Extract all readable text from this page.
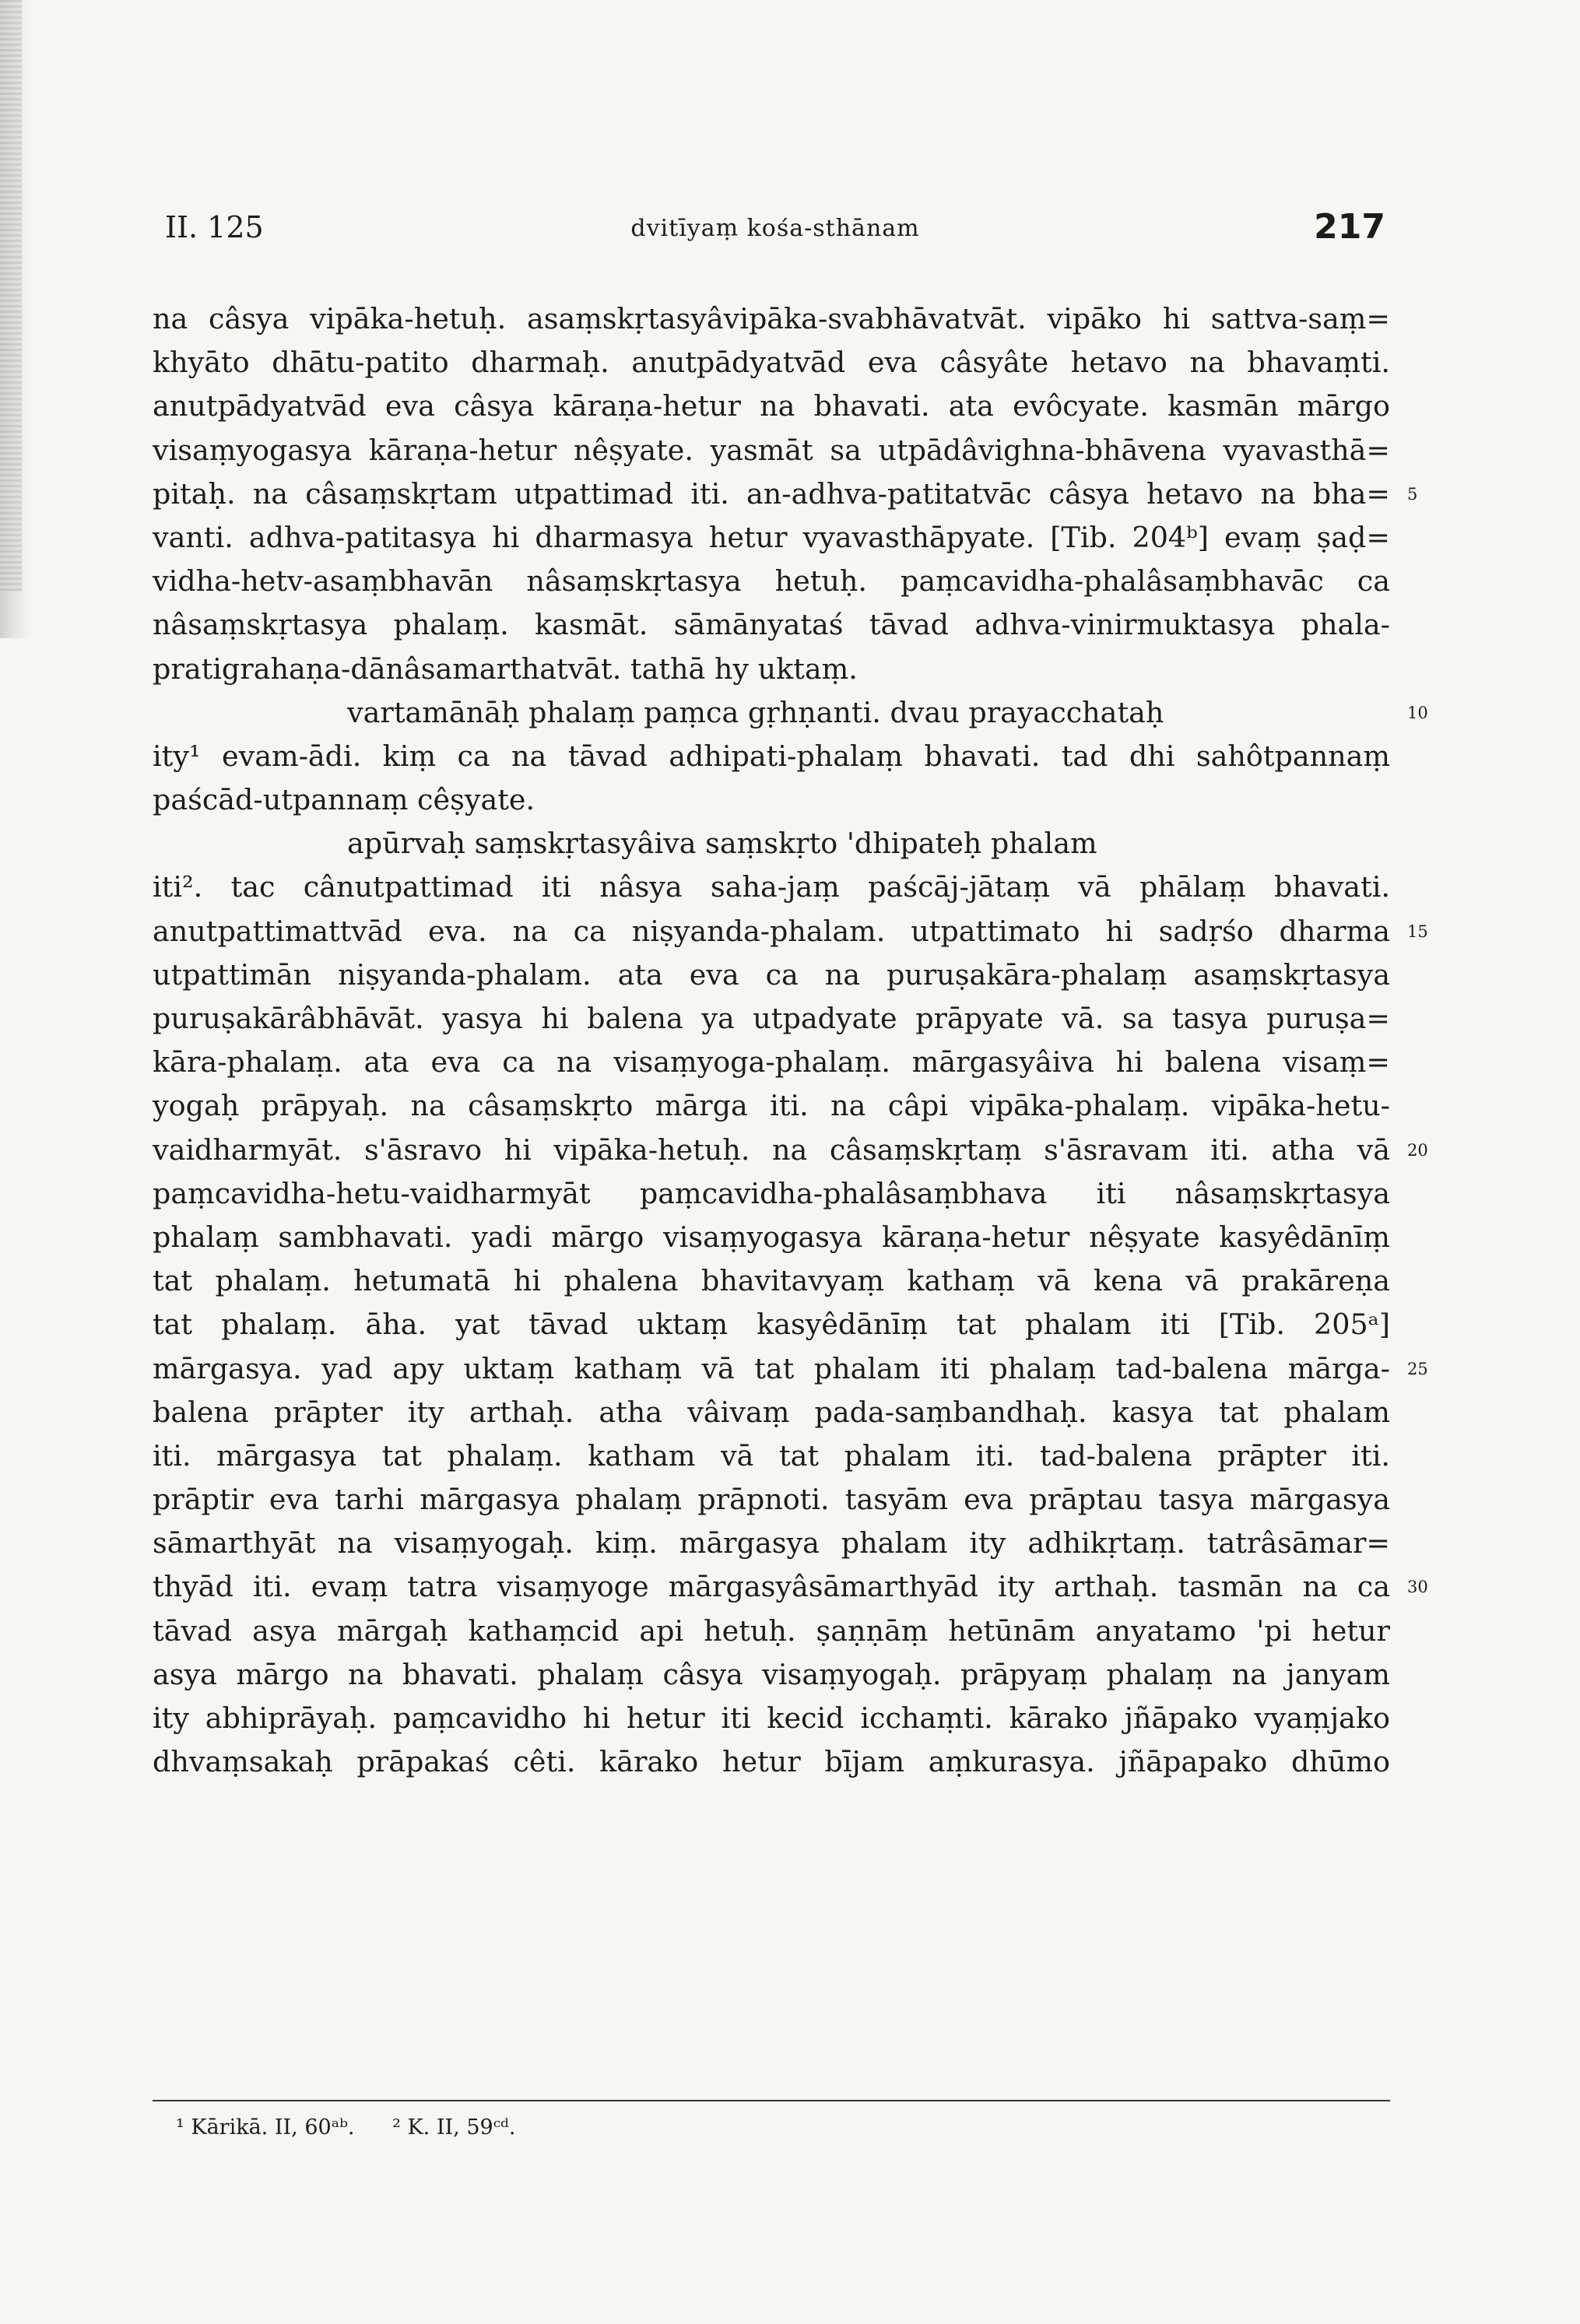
II. 125	dvitīyaṃ kośa-sthānam	217
na câsya vipāka-hetuḥ. asaṃskṛtasyâvipāka-svabhāvatvāt. vipāko hi sattva-saṃ=
khyāto dhātu-patito dharmaḥ. anutpādyatvād eva câsyâte hetavo na bhavaṃti.
anutpādyatvād eva câsya kāraṇa-hetur na bhavati. ata evôcyate. kasmān mārgo
visaṃyogasya kāraṇa-hetur nêṣyate. yasmāt sa utpādâvighna-bhāvena vyavasthā=
pitaḥ. na câsaṃskṛtam utpattimad iti. an-adhva-patitatvāc câsya hetavo na bha= 5
vanti. adhva-patitasya hi dharmasya hetur vyavasthāpyate. [Tib. 204ᵇ] evaṃ ṣaḍ=
vidha-hetv-asaṃbhavān nâsaṃskṛtasya hetuḥ. paṃcavidha-phalâsaṃbhavāc ca
nâsaṃskṛtasya phalaṃ. kasmāt. sāmānyataś tāvad adhva-vinirmuktasya phala-
pratigrahaṇa-dānâsamarthatvāt. tathā hy uktaṃ.
vartamānāḥ phalaṃ paṃca gṛhṇanti. dvau prayacchataḥ	10
ity¹ evam-ādi. kiṃ ca na tāvad adhipati-phalaṃ bhavati. tad dhi sahôtpannaṃ
paścād-utpannaṃ cêṣyate.
apūrvaḥ saṃskṛtasyâiva saṃskṛto 'dhipateḥ phalam
iti². tac cânutpattimad iti nâsya saha-jaṃ paścāj-jātaṃ vā phālaṃ bhavati.
anutpattimattvād eva. na ca niṣyanda-phalam. utpattimato hi sadṛśo dharma 15
utpattimān niṣyanda-phalam. ata eva ca na puruṣakāra-phalaṃ asaṃskṛtasya
puruṣakārâbhāvāt. yasya hi balena ya utpadyate prāpyate vā. sa tasya puruṣa=
kāra-phalaṃ. ata eva ca na visaṃyoga-phalaṃ. mārgasyâiva hi balena visaṃ=
yogaḥ prāpyaḥ. na câsaṃskṛto mārga iti. na câpi vipāka-phalaṃ. vipāka-hetu-
vaidharmyāt. s'āsravo hi vipāka-hetuḥ. na câsaṃskṛtaṃ s'āsravam iti. atha vā 20
paṃcavidha-hetu-vaidharmyāt paṃcavidha-phalâsaṃbhava iti nâsaṃskṛtasya
phalaṃ sambhavati. yadi mārgo visaṃyogasya kāraṇa-hetur nêṣyate kasyêdānīṃ
tat phalaṃ. hetumatā hi phalena bhavitavyaṃ kathaṃ vā kena vā prakāreṇa
tat phalaṃ. āha. yat tāvad uktaṃ kasyêdānīṃ tat phalam iti [Tib. 205ᵃ]
mārgasya. yad apy uktaṃ kathaṃ vā tat phalam iti phalaṃ tad-balena mārga- 25
balena prāpter ity arthaḥ. atha vâivaṃ pada-saṃbandhaḥ. kasya tat phalam
iti. mārgasya tat phalaṃ. katham vā tat phalam iti. tad-balena prāpter iti.
prāptir eva tarhi mārgasya phalaṃ prāpnoti. tasyām eva prāptau tasya mārgasya
sāmarthyāt na visaṃyogaḥ. kiṃ. mārgasya phalam ity adhikṛtaṃ. tatrâsāmar=
thyād iti. evaṃ tatra visaṃyoge mārgasyâsāmarthyād ity arthaḥ. tasmān na ca 30
tāvad asya mārgaḥ kathaṃcid api hetuḥ. ṣaṇṇāṃ hetūnām anyatamo 'pi hetur
asya mārgo na bhavati. phalaṃ câsya visaṃyogaḥ. prāpyaṃ phalaṃ na janyam
ity abhiprāyaḥ. paṃcavidho hi hetur iti kecid icchaṃti. kārako jñāpako vyaṃjako
dhvaṃsakaḥ prāpakaś cêti. kārako hetur bījam aṃkurasya. jñāpapako dhūmo
¹ Kārikā. II, 60ᵃᵇ. ² K. II, 59ᶜᵈ.
